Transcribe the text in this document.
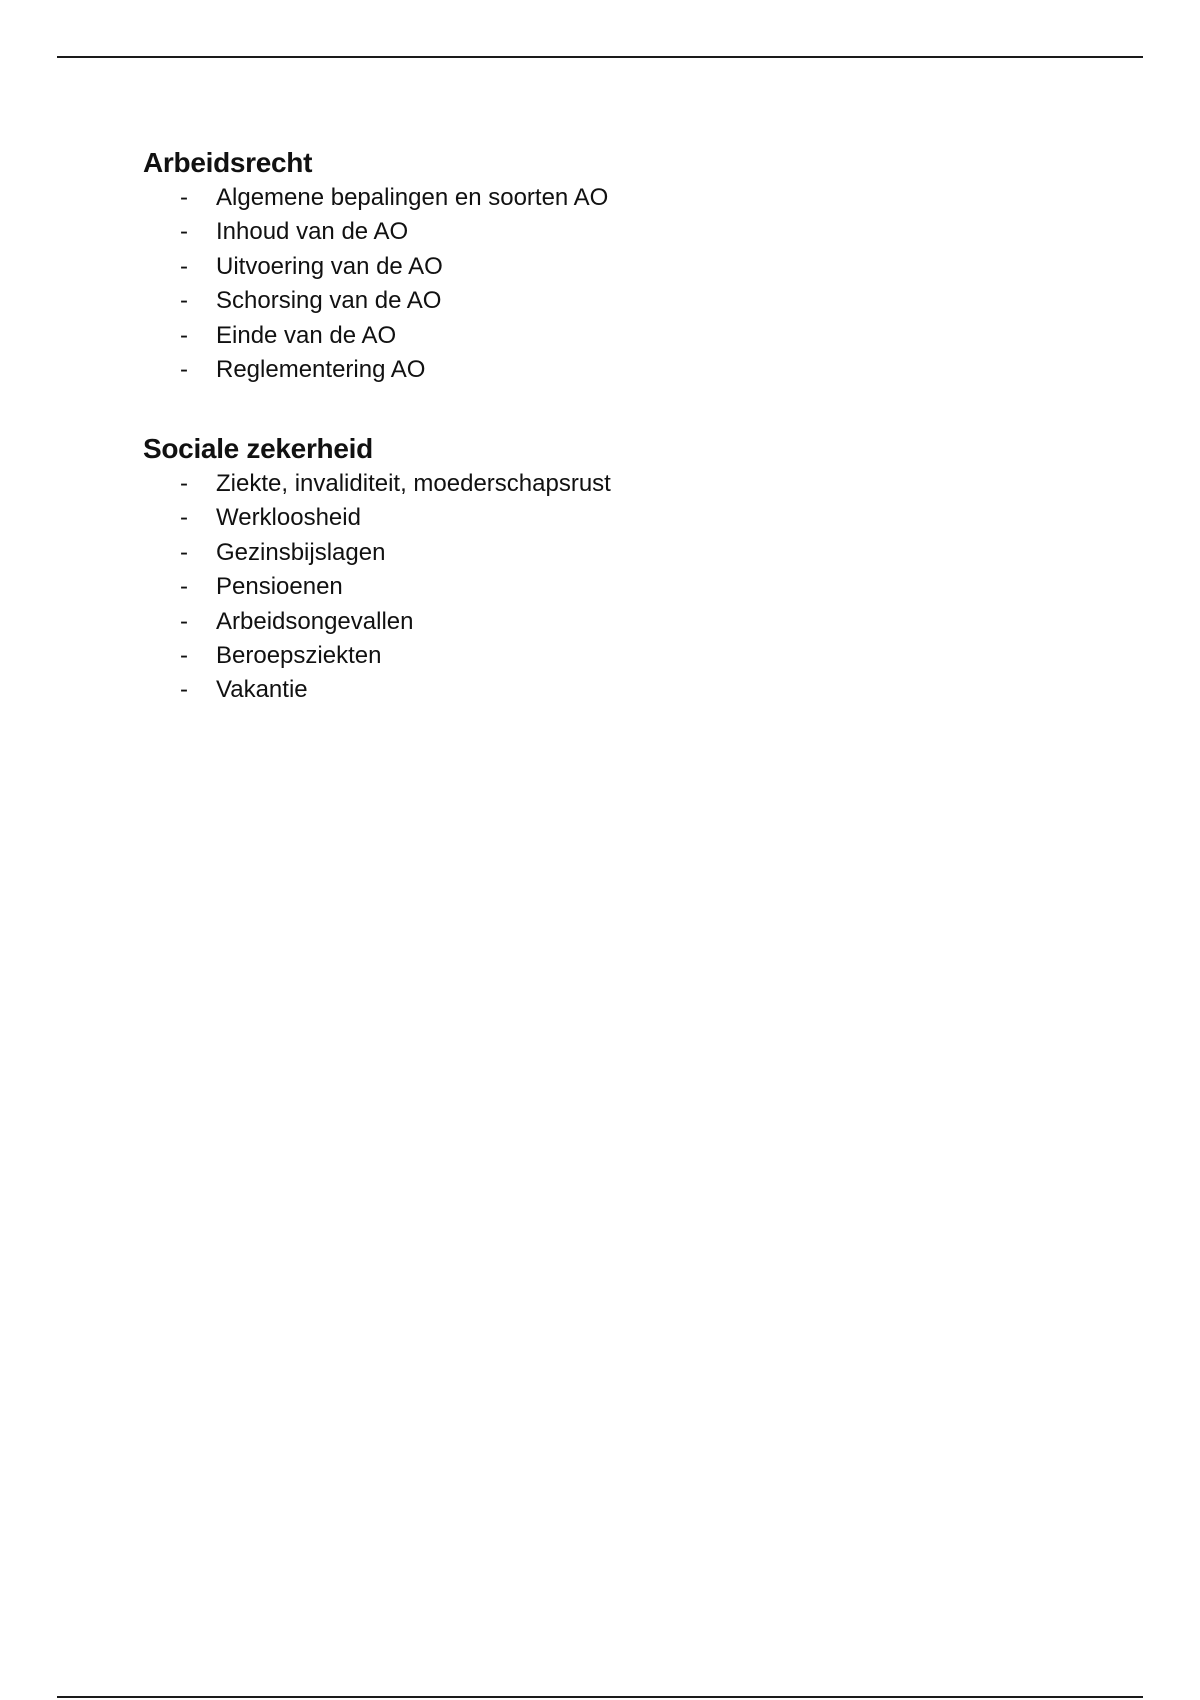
Arbeidsrecht
- Algemene bepalingen en soorten AO
- Inhoud van de AO
- Uitvoering van de AO
- Schorsing van de AO
- Einde van de AO
- Reglementering AO
Sociale zekerheid
- Ziekte, invaliditeit, moederschapsrust
- Werkloosheid
- Gezinsbijslagen
- Pensioenen
- Arbeidsongevallen
- Beroepsziekten
- Vakantie
